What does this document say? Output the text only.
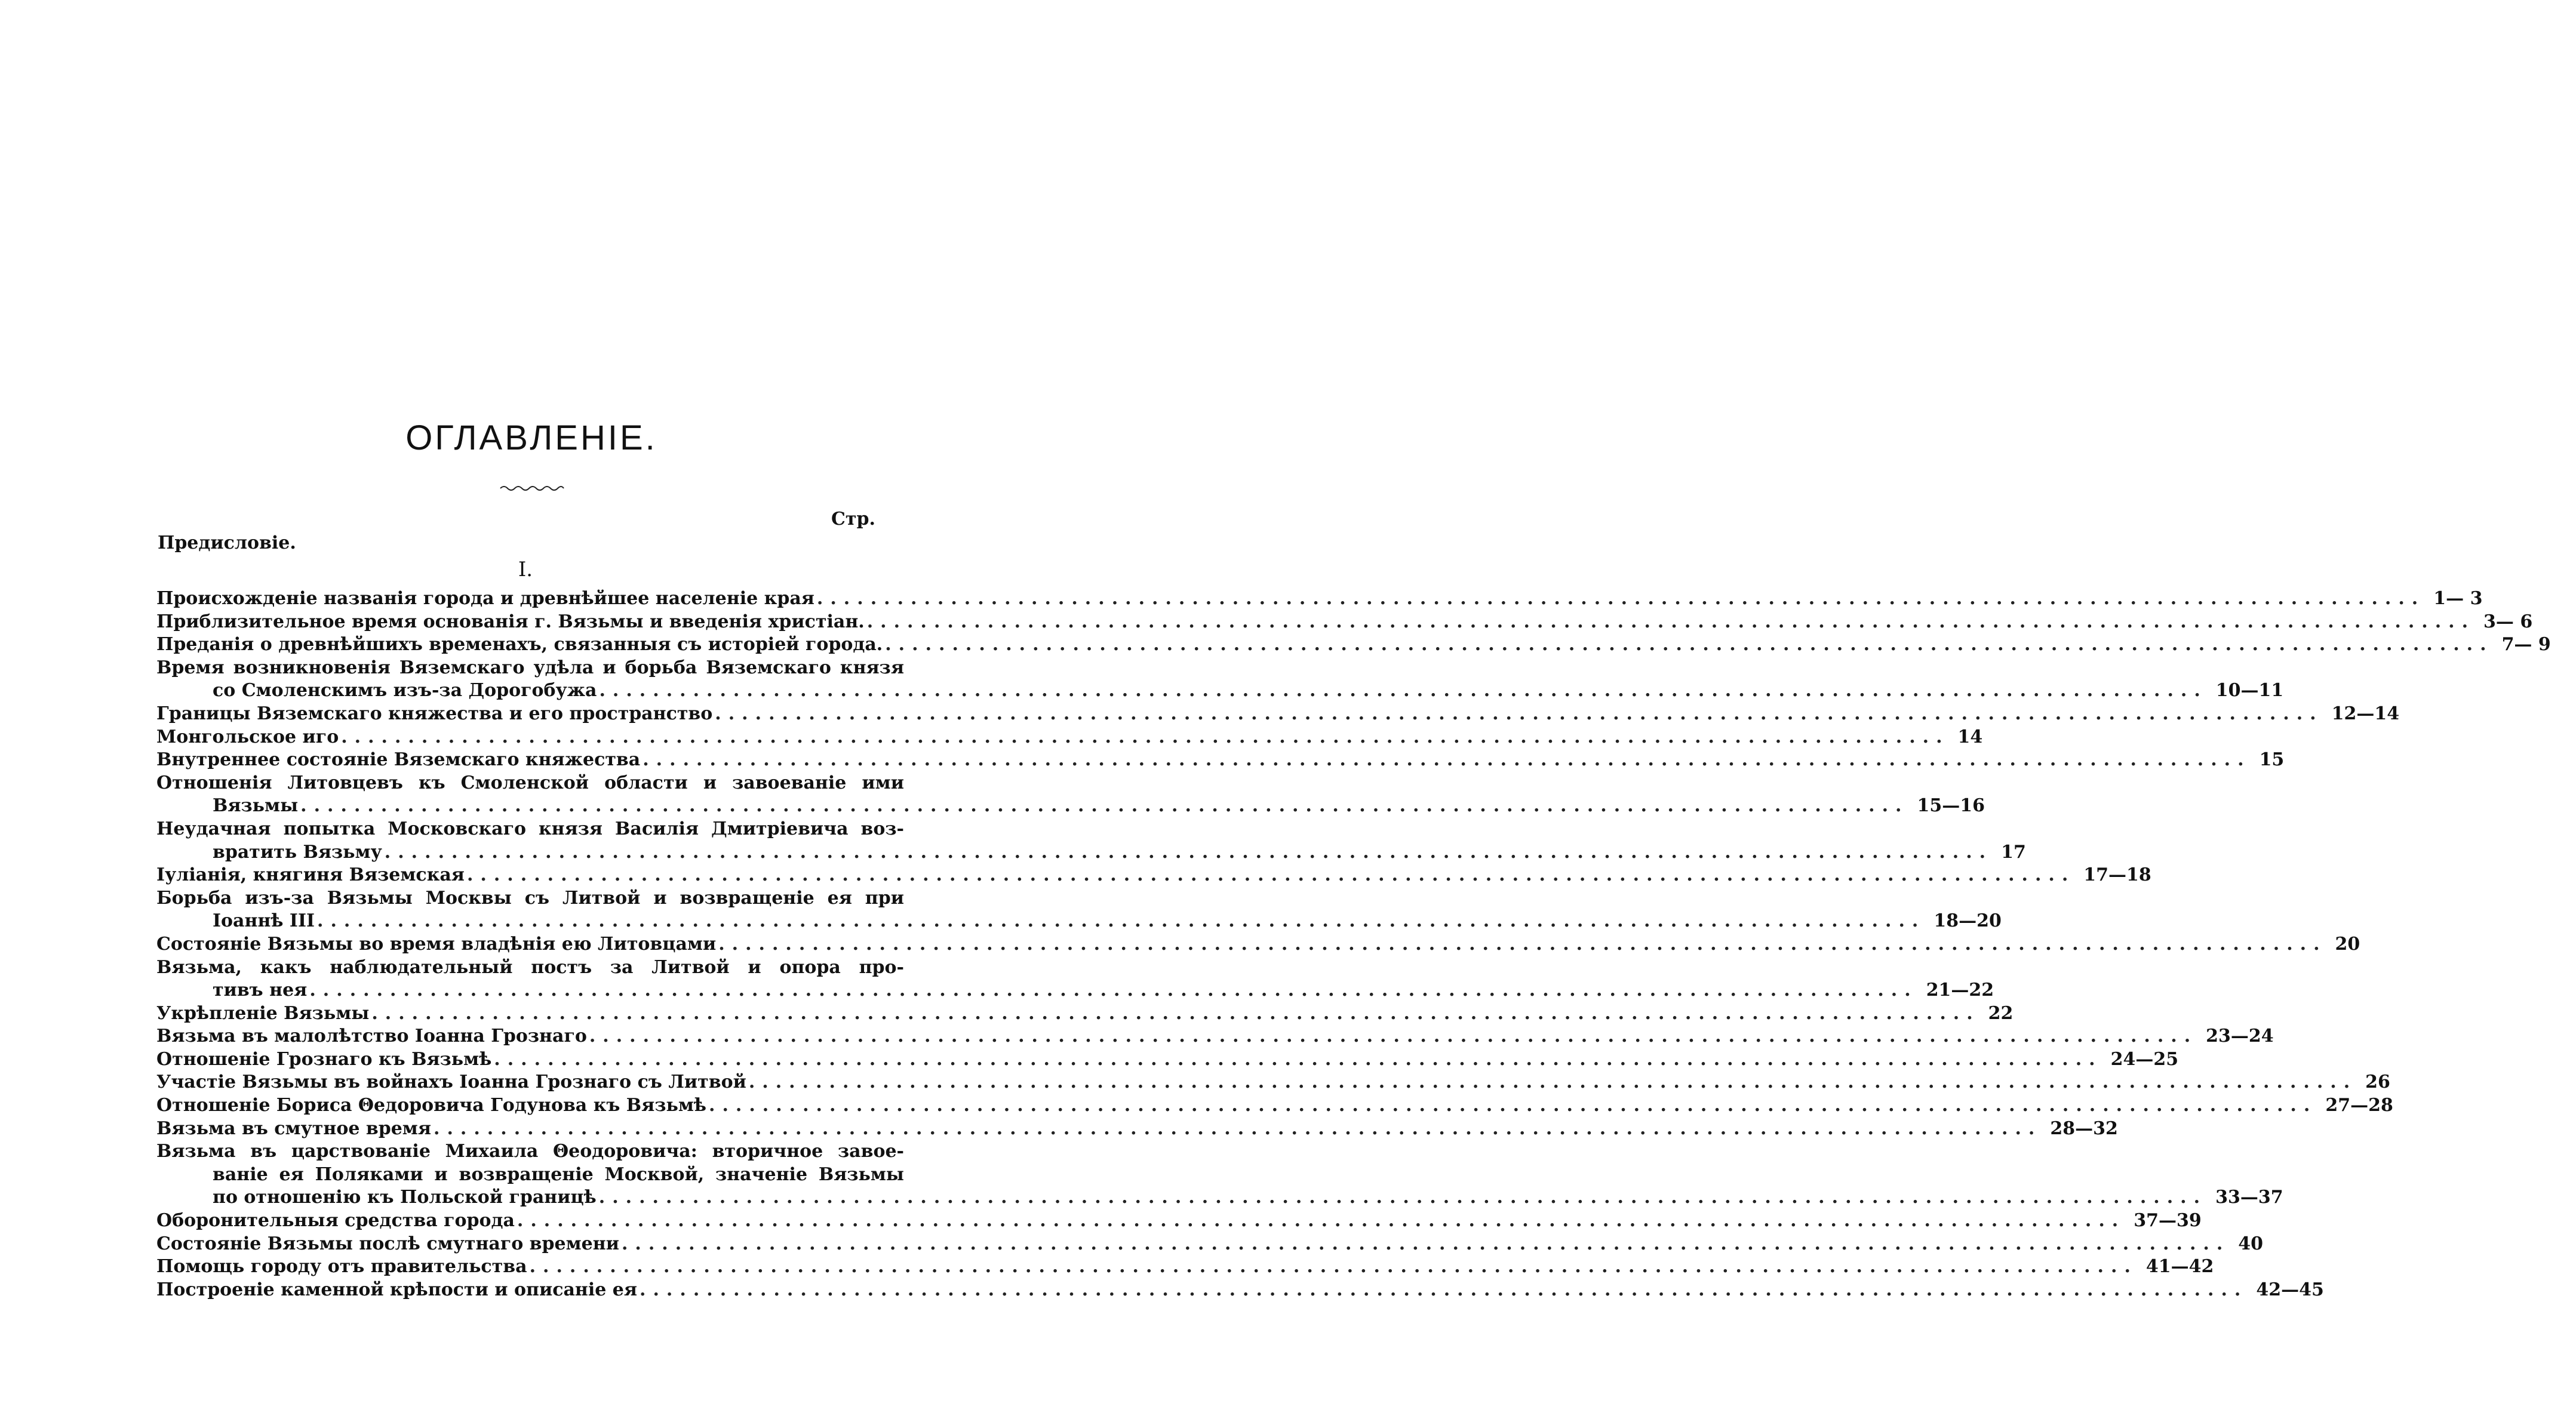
ОГЛАВЛЕНІЕ.
Стр.
Предисловіе.
I.
Происхожденіе названія города и древнѣйшее населеніе края ........................................................................................................................ 1— 3
Приблизительное время основанія г. Вязьмы и введенія христіан. ........................................................................................................................ 3— 6
Преданія о древнѣйшихъ временахъ, связанныя съ исторіей города. ........................................................................................................................ 7— 9
Время возникновенія Вяземскаго удѣла и борьба Вяземскаго князя
со Смоленскимъ изъ-за Дорогобужа ........................................................................................................................ 10—11
Границы Вяземскаго княжества и его пространство ........................................................................................................................ 12—14
Монгольское иго ........................................................................................................................ 14
Внутреннее состояніе Вяземскаго княжества ........................................................................................................................ 15
Отношенія Литовцевъ къ Смоленской области и завоеваніе ими
Вязьмы ........................................................................................................................ 15—16
Неудачная попытка Московскаго князя Василія Дмитріевича воз-
вратить Вязьму ........................................................................................................................ 17
Іуліанія, княгиня Вяземская ........................................................................................................................ 17—18
Борьба изъ-за Вязьмы Москвы съ Литвой и возвращеніе ея при
Іоаннѣ III ........................................................................................................................ 18—20
Состояніе Вязьмы во время владѣнія ею Литовцами ........................................................................................................................ 20
Вязьма, какъ наблюдательный постъ за Литвой и опора про-
тивъ нея ........................................................................................................................ 21—22
Укрѣпленіе Вязьмы ........................................................................................................................ 22
Вязьма въ малолѣтство Іоанна Грознаго ........................................................................................................................ 23—24
Отношеніе Грознаго къ Вязьмѣ ........................................................................................................................ 24—25
Участіе Вязьмы въ войнахъ Іоанна Грознаго съ Литвой ........................................................................................................................ 26
Отношеніе Бориса Θедоровича Годунова къ Вязьмѣ ........................................................................................................................ 27—28
Вязьма въ смутное время ........................................................................................................................ 28—32
Вязьма въ царствованіе Михаила Θеодоровича: вторичное завое-
ваніе ея Поляками и возвращеніе Москвой, значеніе Вязьмы
по отношенію къ Польской границѣ ........................................................................................................................ 33—37
Оборонительныя средства города ........................................................................................................................ 37—39
Состояніе Вязьмы послѣ смутнаго времени ........................................................................................................................ 40
Помощь городу отъ правительства ........................................................................................................................ 41—42
Построеніе каменной крѣпости и описаніе ея ........................................................................................................................ 42—45
